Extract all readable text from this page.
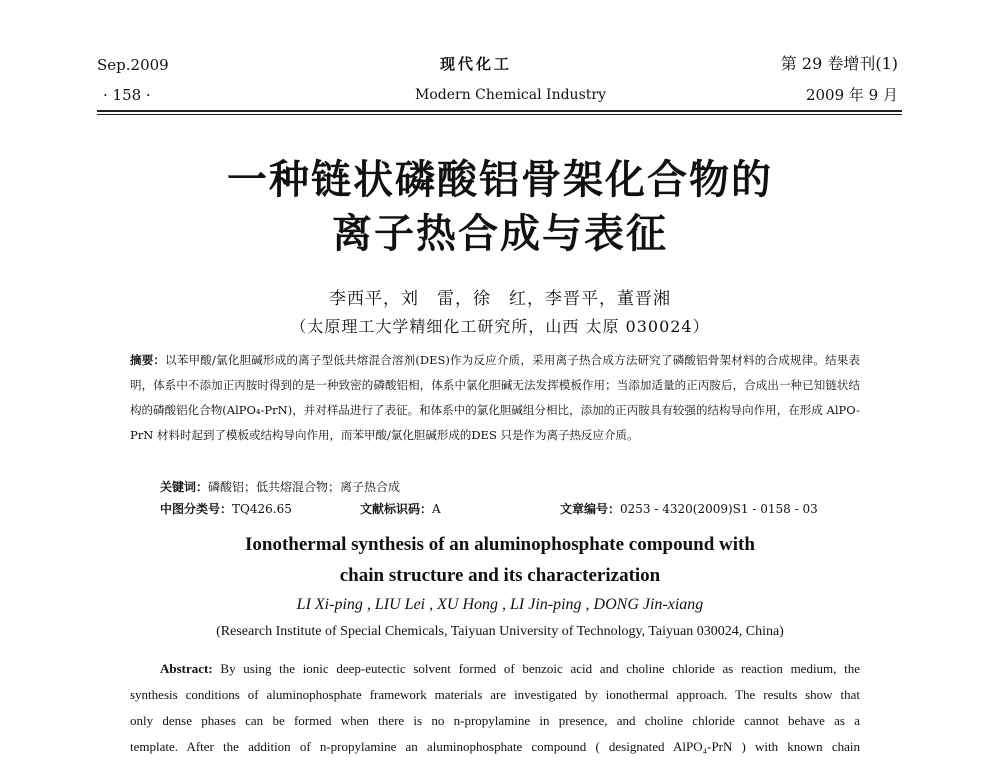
Sep.2009
· 158 ·
现代化工
Modern Chemical Industry
第 29 卷增刊(1)
2009 年 9 月
一种链状磷酸铝骨架化合物的
离子热合成与表征
李西平，刘　雷，徐　红，李晋平，董晋湘
（太原理工大学精细化工研究所，山西 太原 030024）
摘要：以苯甲酸/氯化胆碱形成的离子型低共熔混合溶剂(DES)作为反应介质，采用离子热合成方法研究了磷酸铝骨架材料的合成规律。结果表明，体系中不添加正丙胺时得到的是一种致密的磷酸铝相，体系中氯化胆碱无法发挥模板作用；当添加适量的正丙胺后，合成出一种已知链状结构的磷酸铝化合物(AlPO₄-PrN)，并对样品进行了表征。和体系中的氯化胆碱组分相比，添加的正丙胺具有较强的结构导向作用，在形成 AlPO-PrN 材料时起到了模板或结构导向作用，而苯甲酸/氯化胆碱形成的DES 只是作为离子热反应介质。
关键词：磷酸铝；低共熔混合物；离子热合成
中图分类号：TQ426.65	文献标识码：A	文章编号：0253 - 4320(2009)S1 - 0158 - 03
Ionothermal synthesis of an aluminophosphate compound with
chain structure and its characterization
LI Xi-ping , LIU Lei , XU Hong , LI Jin-ping , DONG Jin-xiang
(Research Institute of Special Chemicals, Taiyuan University of Technology, Taiyuan 030024, China)
Abstract: By using the ionic deep-eutectic solvent formed of benzoic acid and choline chloride as reaction medium, the
synthesis conditions of aluminophosphate framework materials are investigated by ionothermal approach. The results show that
only dense phases can be formed when there is no n-propylamine in presence, and choline chloride cannot behave as a
template. After the addition of n-propylamine an aluminophosphate compound ( designated AlPO₄-PrN ) with known chain
